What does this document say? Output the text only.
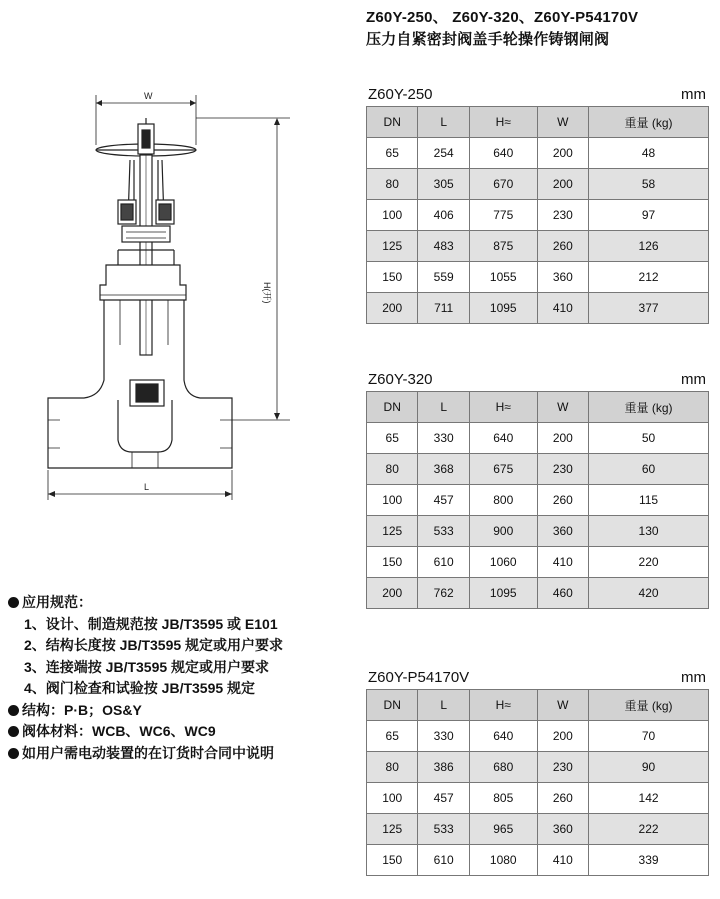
Z60Y-250、 Z60Y-320、Z60Y-P54170V
压力自紧密封阀盖手轮操作铸钢闸阀
W
H(开)
L
Z60Y-250	mm
DN	L	H≈	W	重量 (kg)
65	254	640	200	48
80	305	670	200	58
100	406	775	230	97
125	483	875	260	126
150	559	1055	360	212
200	711	1095	410	377
Z60Y-320	mm
DN	L	H≈	W	重量 (kg)
65	330	640	200	50
80	368	675	230	60
100	457	800	260	115
125	533	900	360	130
150	610	1060	410	220
200	762	1095	460	420
Z60Y-P54170V	mm
DN	L	H≈	W	重量 (kg)
65	330	640	200	70
80	386	680	230	90
100	457	805	260	142
125	533	965	360	222
150	610	1080	410	339
应用规范：
1、设计、制造规范按 JB/T3595 或 E101
2、结构长度按 JB/T3595 规定或用户要求
3、连接端按 JB/T3595 规定或用户要求
4、阀门检查和试验按 JB/T3595 规定
结构：P·B；OS&Y
阀体材料：WCB、WC6、WC9
如用户需电动装置的在订货时合同中说明
